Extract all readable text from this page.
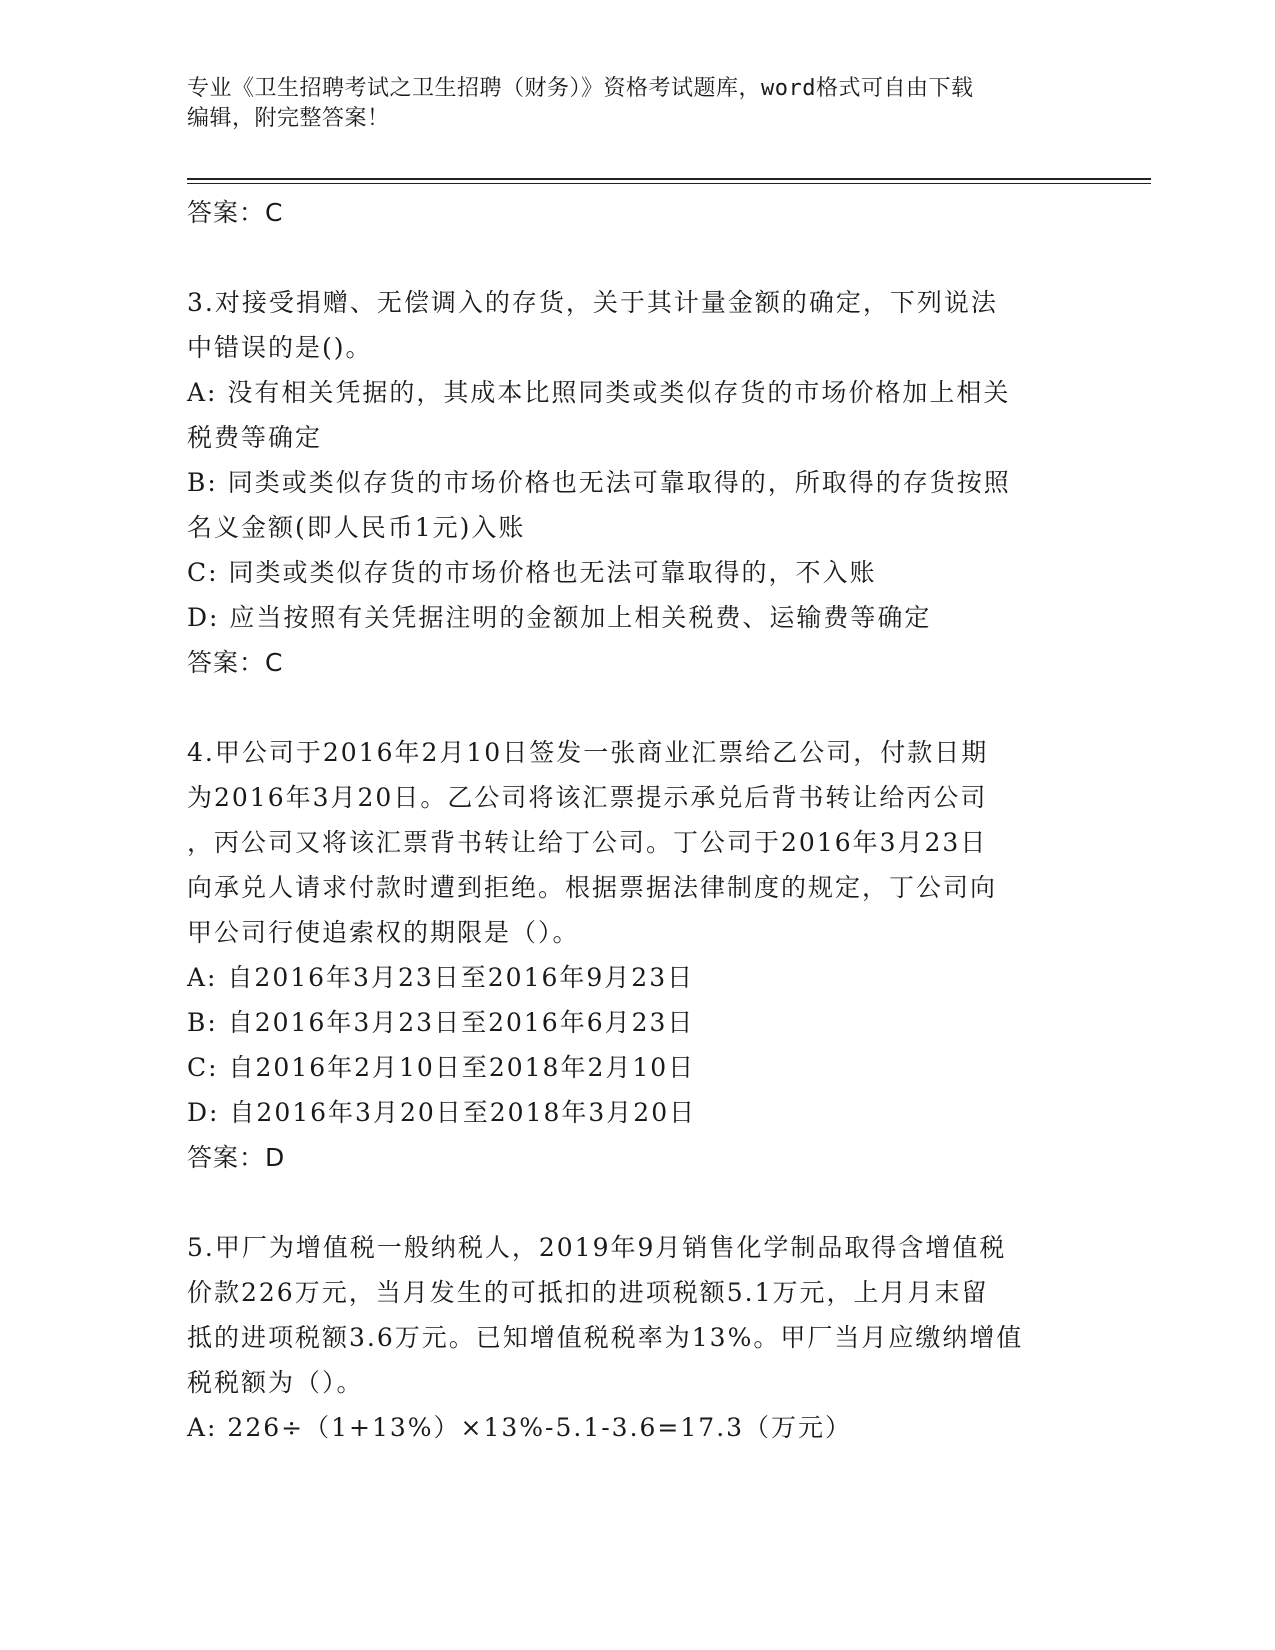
专业《卫生招聘考试之卫生招聘（财务）》资格考试题库，word格式可自由下载
编辑，附完整答案！
答案：C
3.对接受捐赠、无偿调入的存货，关于其计量金额的确定，下列说法
中错误的是()。
A: 没有相关凭据的，其成本比照同类或类似存货的市场价格加上相关
税费等确定
B: 同类或类似存货的市场价格也无法可靠取得的，所取得的存货按照
名义金额(即人民币1元)入账
C: 同类或类似存货的市场价格也无法可靠取得的，不入账
D: 应当按照有关凭据注明的金额加上相关税费、运输费等确定
答案：C
4.甲公司于2016年2月10日签发一张商业汇票给乙公司，付款日期
为2016年3月20日。乙公司将该汇票提示承兑后背书转让给丙公司
，丙公司又将该汇票背书转让给丁公司。丁公司于2016年3月23日
向承兑人请求付款时遭到拒绝。根据票据法律制度的规定，丁公司向
甲公司行使追索权的期限是（）。
A: 自2016年3月23日至2016年9月23日
B: 自2016年3月23日至2016年6月23日
C: 自2016年2月10日至2018年2月10日
D: 自2016年3月20日至2018年3月20日
答案：D
5.甲厂为增值税一般纳税人，2019年9月销售化学制品取得含增值税
价款226万元，当月发生的可抵扣的进项税额5.1万元，上月月末留
抵的进项税额3.6万元。已知增值税税率为13%。甲厂当月应缴纳增值
税税额为（）。
A: 226÷（1+13%）×13%-5.1-3.6=17.3（万元）
